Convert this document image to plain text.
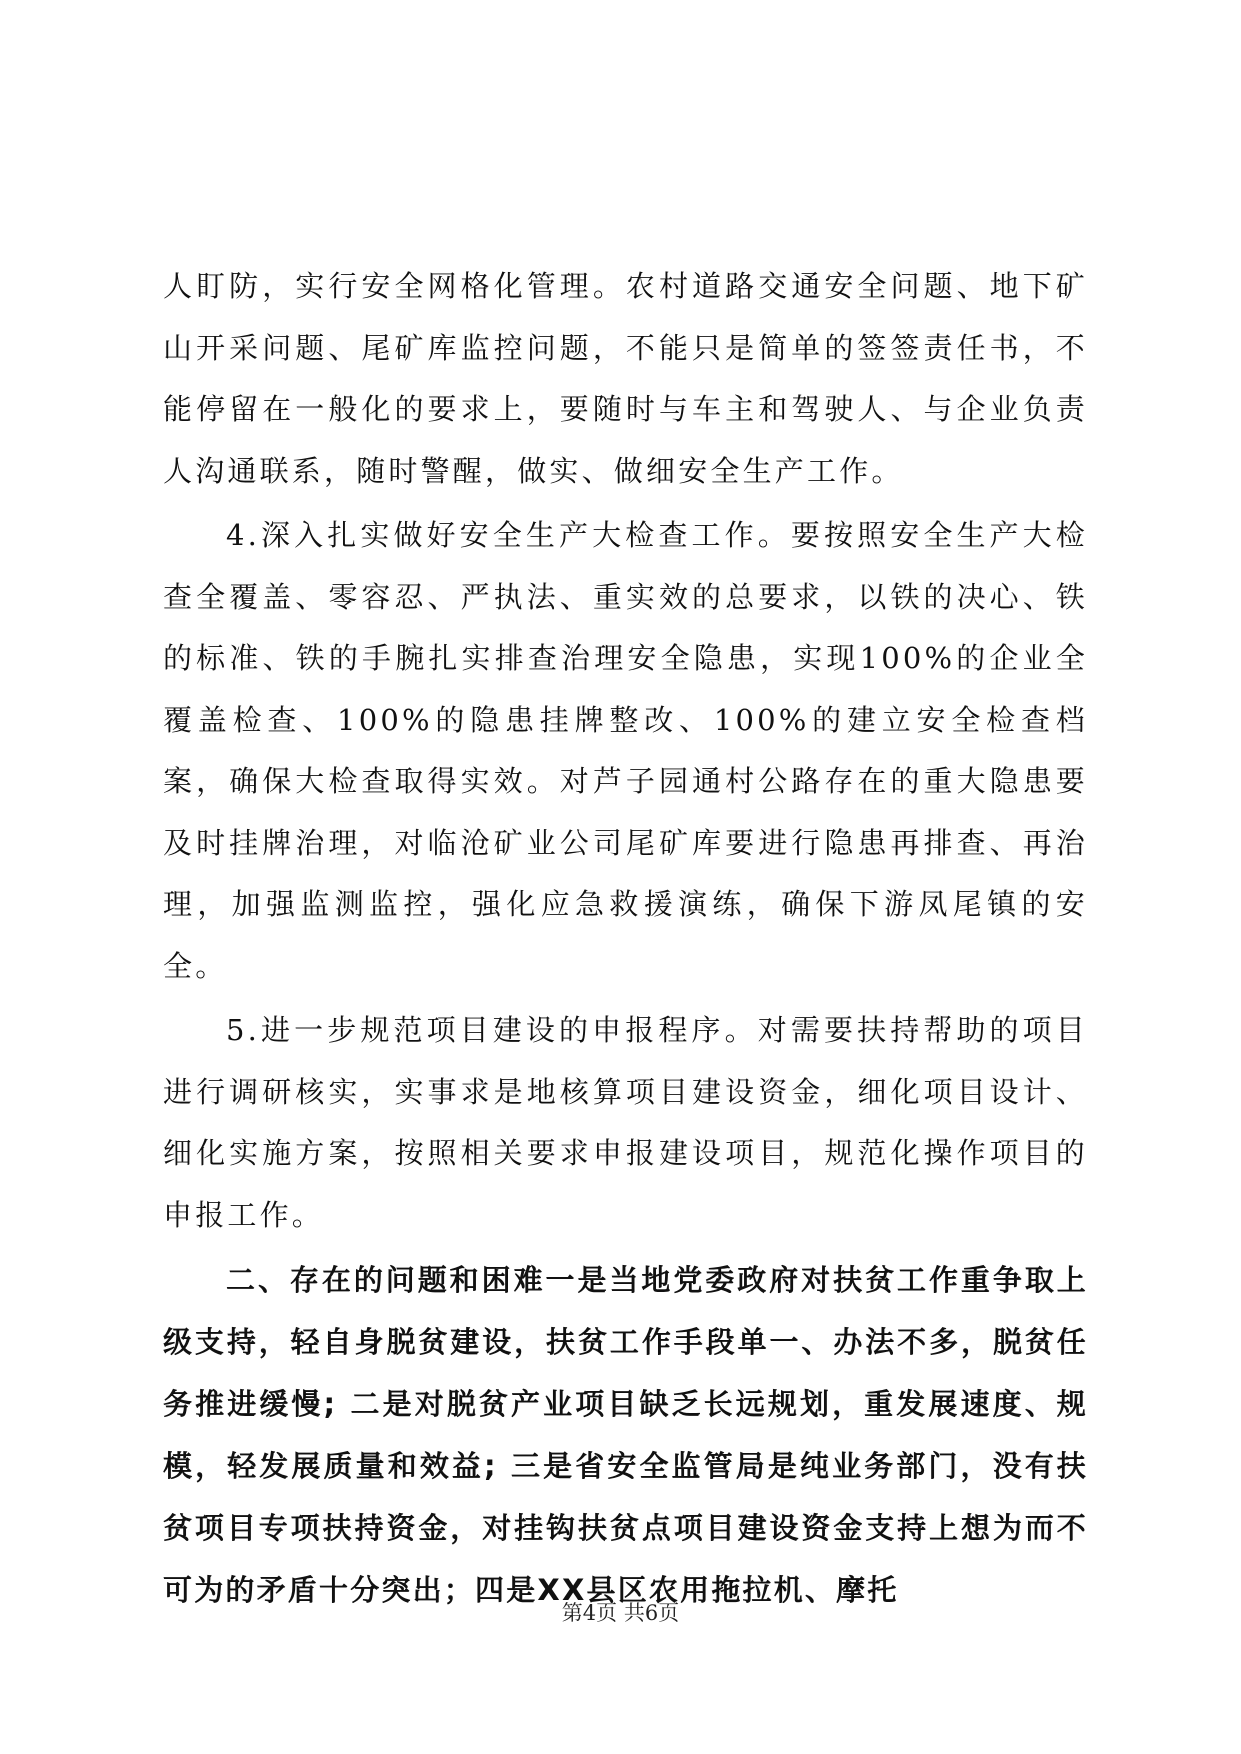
人盯防，实行安全网格化管理。农村道路交通安全问题、地下矿山开采问题、尾矿库监控问题，不能只是简单的签签责任书，不能停留在一般化的要求上，要随时与车主和驾驶人、与企业负责人沟通联系，随时警醒，做实、做细安全生产工作。

4.深入扎实做好安全生产大检查工作。要按照安全生产大检查全覆盖、零容忍、严执法、重实效的总要求，以铁的决心、铁的标准、铁的手腕扎实排查治理安全隐患，实现100%的企业全覆盖检查、100%的隐患挂牌整改、100%的建立安全检查档案，确保大检查取得实效。对芦子园通村公路存在的重大隐患要及时挂牌治理，对临沧矿业公司尾矿库要进行隐患再排查、再治理，加强监测监控，强化应急救援演练，确保下游凤尾镇的安全。

5.进一步规范项目建设的申报程序。对需要扶持帮助的项目进行调研核实，实事求是地核算项目建设资金，细化项目设计、细化实施方案，按照相关要求申报建设项目，规范化操作项目的申报工作。

二、存在的问题和困难一是当地党委政府对扶贫工作重争取上级支持，轻自身脱贫建设，扶贫工作手段单一、办法不多，脱贫任务推进缓慢; 二是对脱贫产业项目缺乏长远规划，重发展速度、规模，轻发展质量和效益; 三是省安全监管局是纯业务部门，没有扶贫项目专项扶持资金，对挂钩扶贫点项目建设资金支持上想为而不可为的矛盾十分突出；四是XX县区农用拖拉机、摩托

第4页 共6页
